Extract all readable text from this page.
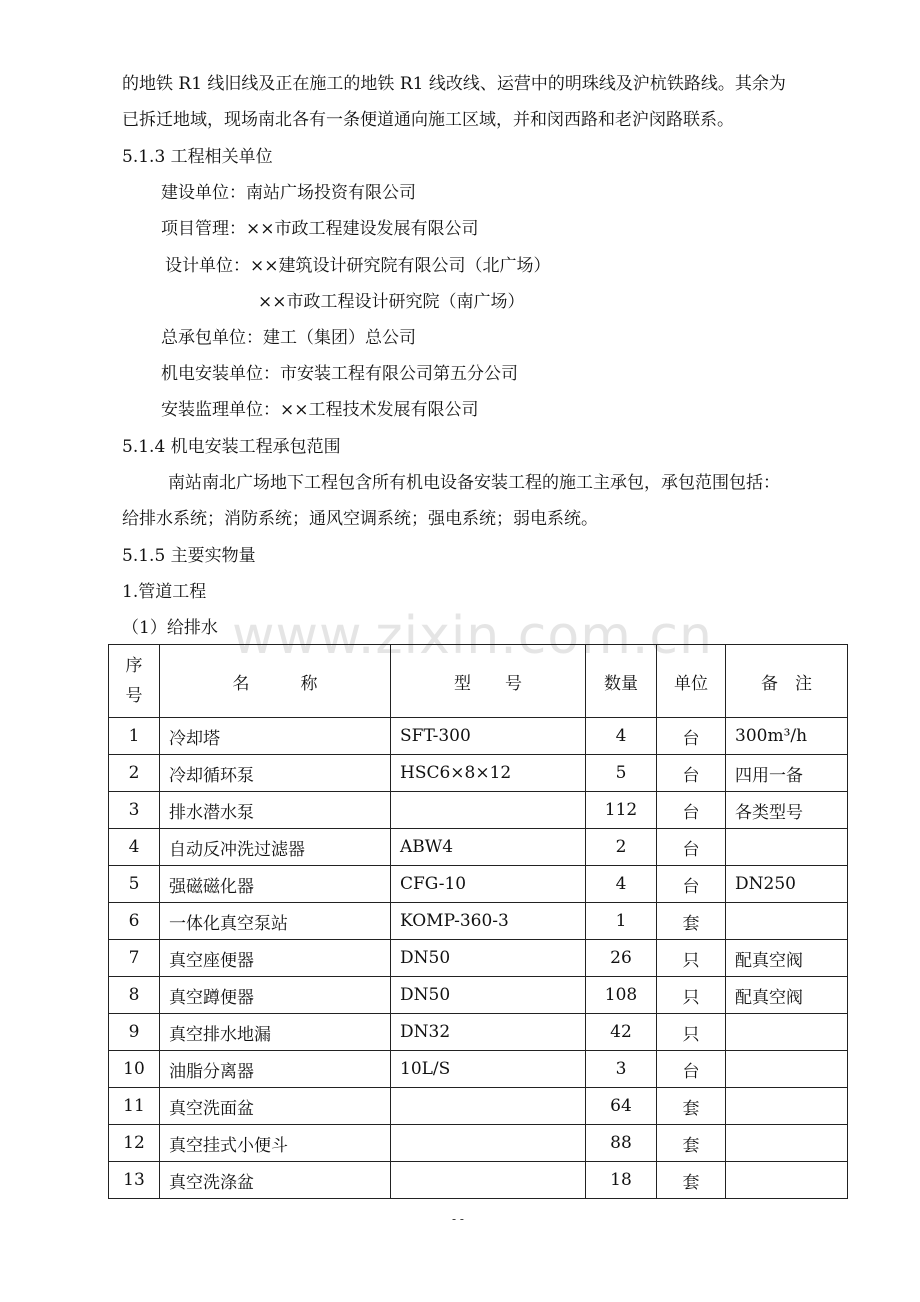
的地铁 R1 线旧线及正在施工的地铁 R1 线改线、运营中的明珠线及沪杭铁路线。其余为
已拆迁地域，现场南北各有一条便道通向施工区域，并和闵西路和老沪闵路联系。
5.1.3 工程相关单位
建设单位：南站广场投资有限公司
项目管理：××市政工程建设发展有限公司
设计单位：××建筑设计研究院有限公司（北广场）
××市政工程设计研究院（南广场）
总承包单位：建工（集团）总公司
机电安装单位：市安装工程有限公司第五分公司
安装监理单位：××工程技术发展有限公司
5.1.4 机电安装工程承包范围
南站南北广场地下工程包含所有机电设备安装工程的施工主承包，承包范围包括：
给排水系统；消防系统；通风空调系统；强电系统；弱电系统。
5.1.5 主要实物量
1.管道工程
（1）给排水 www.zixin.com.cn
序
号	名　　　称	型　　号	数量	单位	备　注
1	冷却塔	SFT-300	4	台	300m³/h
2	冷却循环泵	HSC6×8×12	5	台	四用一备
3	排水潜水泵		112	台	各类型号
4	自动反冲洗过滤器	ABW4	2	台	
5	强磁磁化器	CFG-10	4	台	DN250
6	一体化真空泵站	KOMP-360-3	1	套	
7	真空座便器	DN50	26	只	配真空阀
8	真空蹲便器	DN50	108	只	配真空阀
9	真空排水地漏	DN32	42	只	
10	油脂分离器	10L/S	3	台	
11	真空洗面盆		64	套	
12	真空挂式小便斗		88	套	
13	真空洗涤盆		18	套	
- -
